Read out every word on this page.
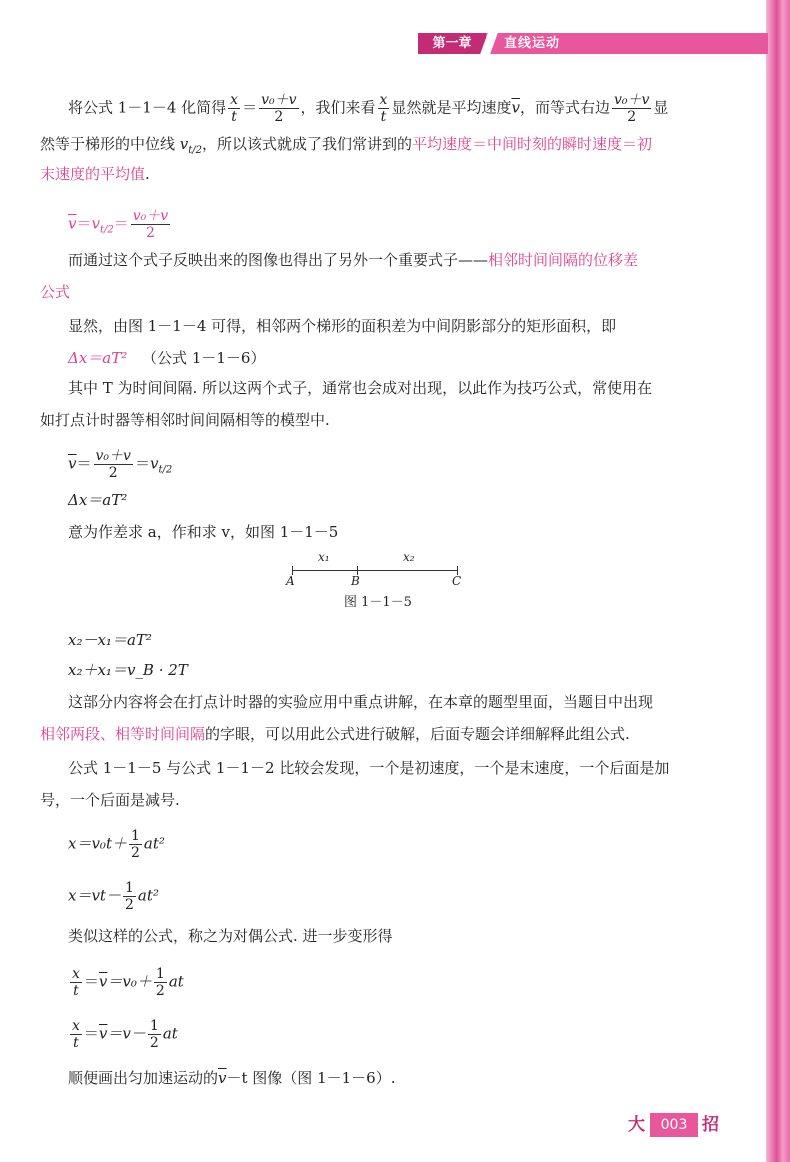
第一章	直线运动
将公式 1－1－4 化简得 $\frac{x}{t} = \frac{\text{v₀＋v}}{2}$ ，我们来看 $\frac{x}{t}$ 显然就是平均速度$\overline{v}$，而等式右边 $\frac{\text{v₀＋v}}{2}$ 显
然等于梯形的中位线 $v_{t/2}$，所以该式就成了我们常讲到的平均速度＝中间时刻的瞬时速度＝初
末速度的平均值.
$\overline{v}=v_{t/2}= \frac{\text{v₀＋v}}{2}$
而通过这个式子反映出来的图像也得出了另外一个重要式子——相邻时间间隔的位移差
公式
显然，由图 1－1－4 可得，相邻两个梯形的面积差为中间阴影部分的矩形面积，即
Δx＝aT² （公式 1－1－6）
其中 T 为时间间隔. 所以这两个式子，通常也会成对出现，以此作为技巧公式，常使用在
如打点计时器等相邻时间间隔相等的模型中.
$\overline{v}= \frac{\text{v₀＋v}}{2} =v_{t/2}$
Δx＝aT²
意为作差求 a，作和求 v，如图 1－1－5
x₁	x₂
A	B	C
图 1－1－5
x₂－x₁＝aT²
x₂＋x₁＝v_B · 2T
这部分内容将会在打点计时器的实验应用中重点讲解，在本章的题型里面，当题目中出现
相邻两段、相等时间间隔的字眼，可以用此公式进行破解，后面专题会详细解释此组公式.
公式 1－1－5 与公式 1－1－2 比较会发现，一个是初速度，一个是末速度，一个后面是加
号，一个后面是减号.
$x=v_0t+ \frac{1}{2} at^2$
$x=vt- \frac{1}{2} at^2$
类似这样的公式，称之为对偶公式. 进一步变形得
$\frac{x}{t} =\overline{v}=v_0+ \frac{1}{2}$ at
$\frac{x}{t} =\overline{v}=v- \frac{1}{2}$ at
顺便画出匀加速运动的$\overline{v}-t$ 图像（图 1－1－6）.
大	003 招
